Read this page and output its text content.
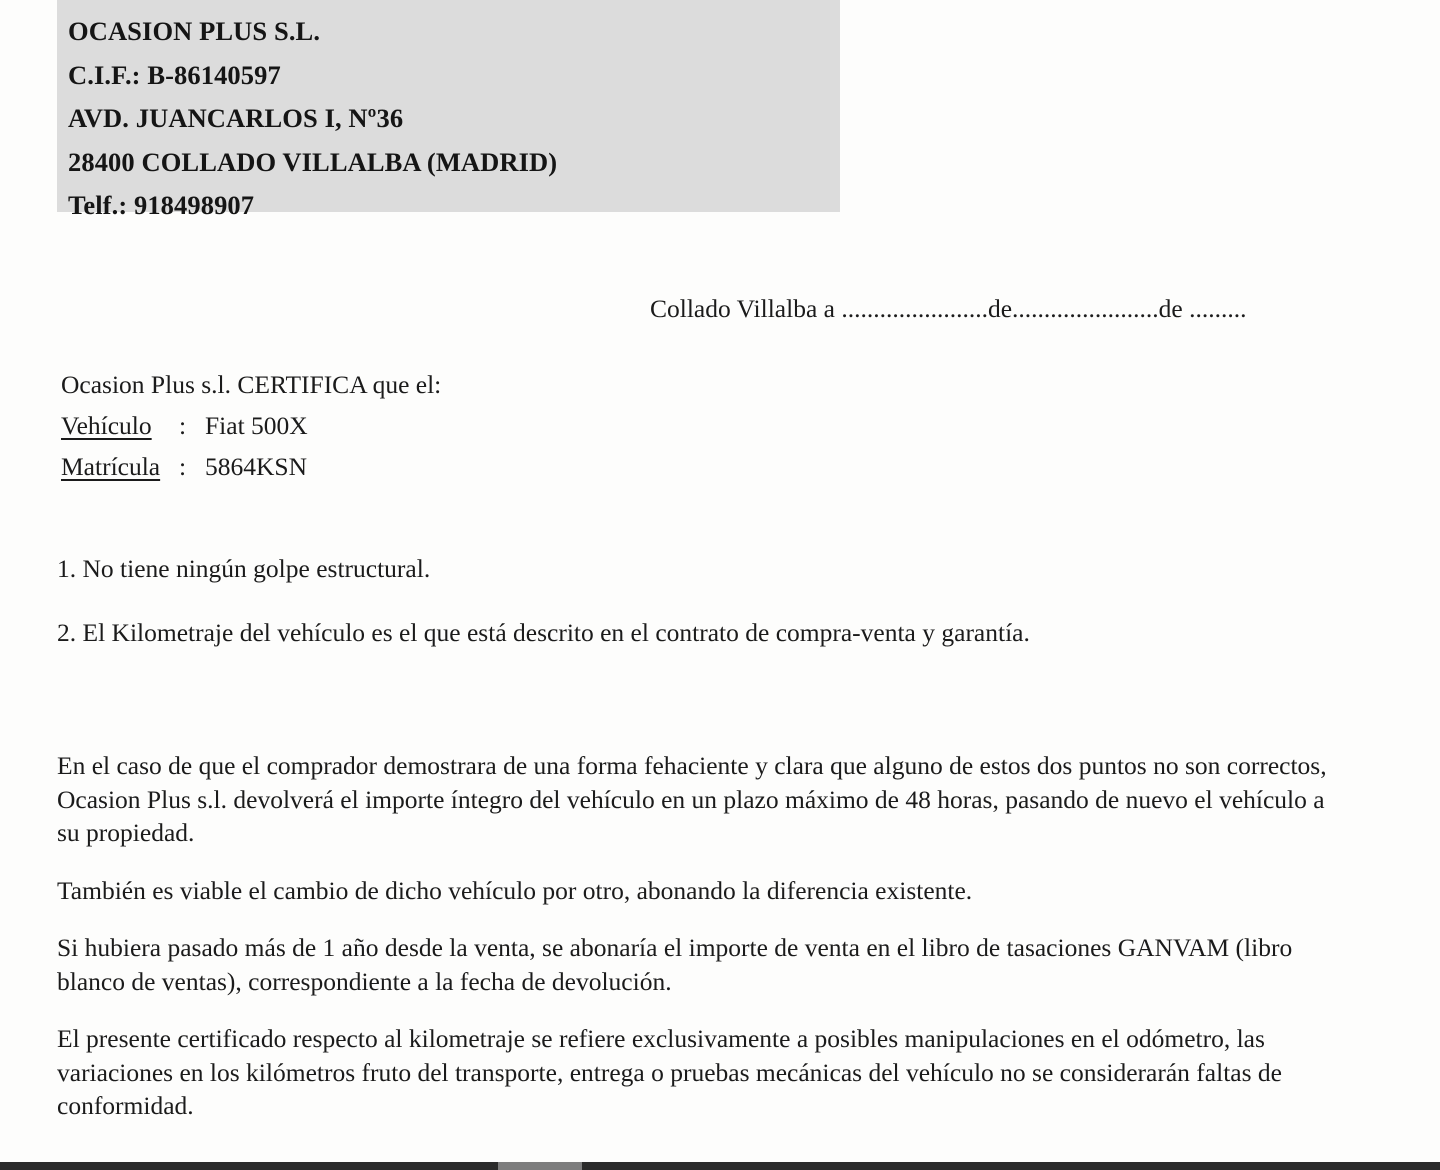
OCASION PLUS S.L.
C.I.F.: B-86140597
AVD. JUANCARLOS I, Nº36
28400 COLLADO VILLALBA (MADRID)
Telf.: 918498907
Collado Villalba a .......................de.......................de .........
Ocasion Plus s.l. CERTIFICA que el:
Vehículo : Fiat 500X
Matrícula : 5864KSN
1. No tiene ningún golpe estructural.
2. El Kilometraje del vehículo es el que está descrito en el contrato de compra-venta y garantía.

En el caso de que el comprador demostrara de una forma fehaciente y clara que alguno de estos dos puntos no son correctos, Ocasion Plus s.l. devolverá el importe íntegro del vehículo en un plazo máximo de 48 horas, pasando de nuevo el vehículo a su propiedad.

También es viable el cambio de dicho vehículo por otro, abonando la diferencia existente.

Si hubiera pasado más de 1 año desde la venta, se abonaría el importe de venta en el libro de tasaciones GANVAM (libro blanco de ventas), correspondiente a la fecha de devolución.

El presente certificado respecto al kilometraje se refiere exclusivamente a posibles manipulaciones en el odómetro, las variaciones en los kilómetros fruto del transporte, entrega o pruebas mecánicas del vehículo no se considerarán faltas de conformidad.
